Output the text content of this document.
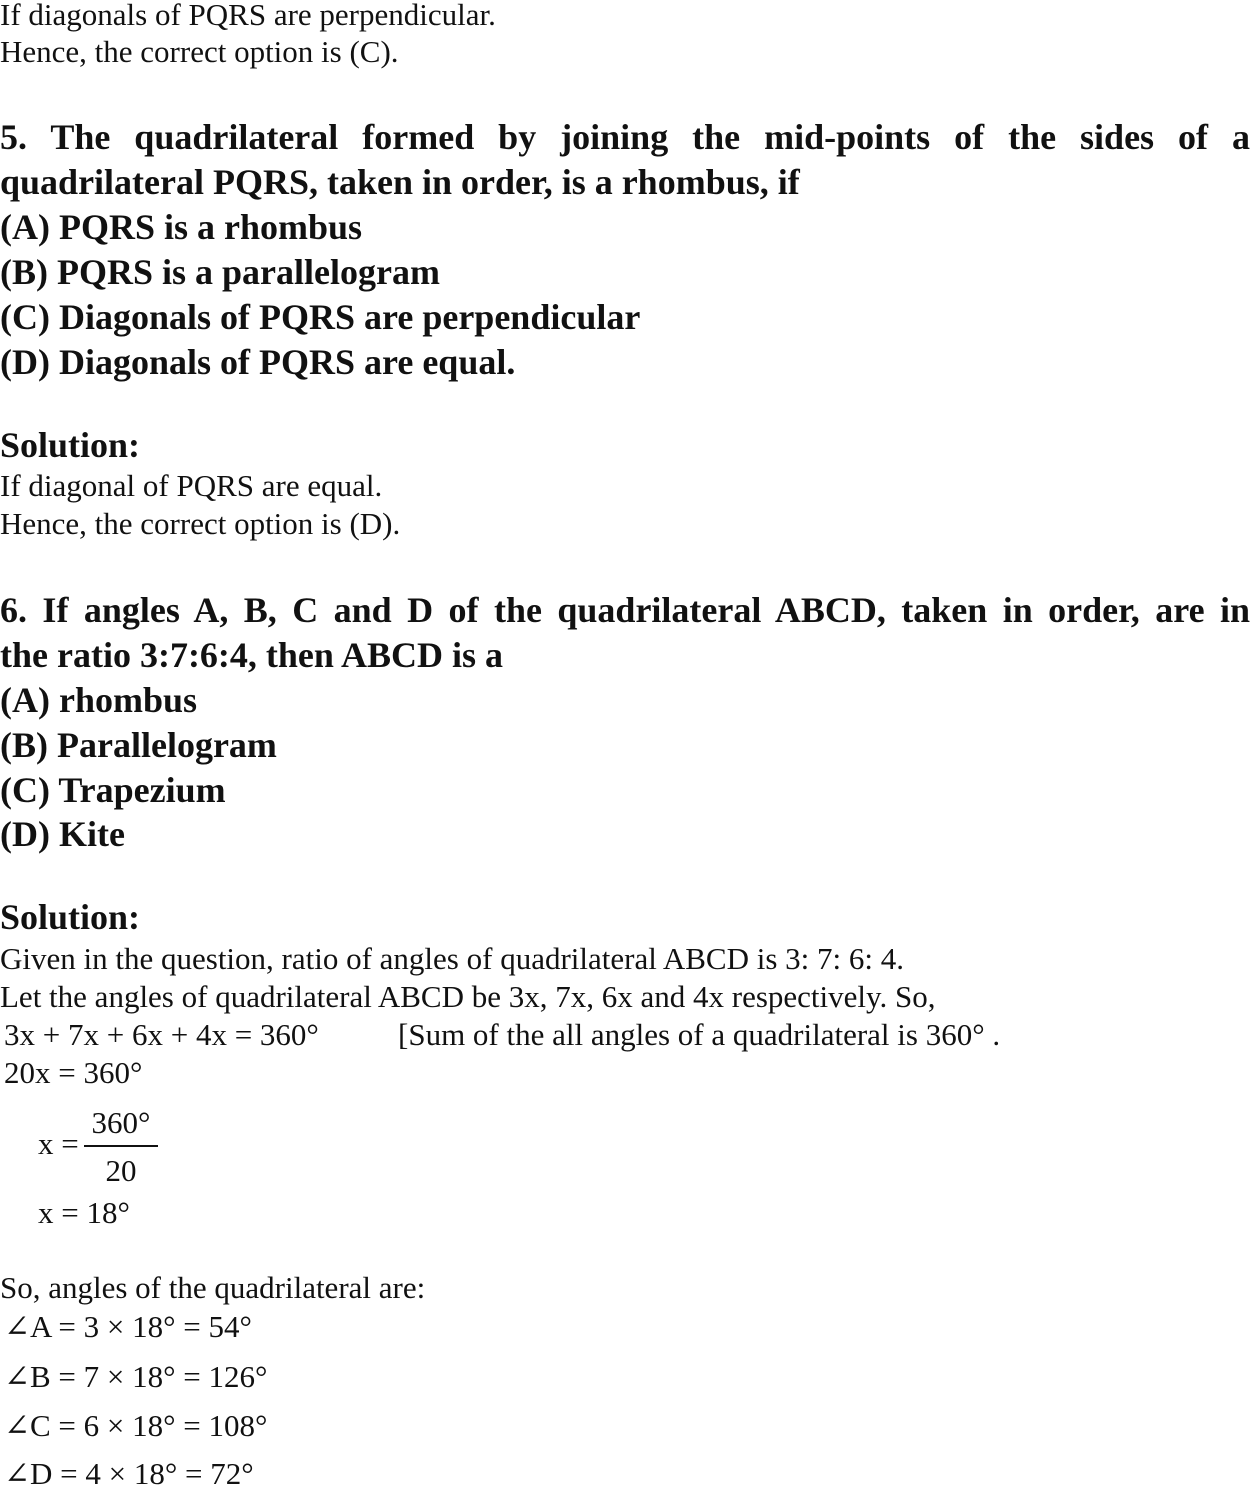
If diagonals of PQRS are perpendicular.

Hence, the correct option is (C).

5. The quadrilateral formed by joining the mid-points of the sides of a

quadrilateral PQRS, taken in order, is a rhombus, if

(A) PQRS is a rhombus

(B) PQRS is a parallelogram

(C) Diagonals of PQRS are perpendicular

(D) Diagonals of PQRS are equal.

Solution:

If diagonal of PQRS are equal.

Hence, the correct option is (D).

6. If angles A, B, C and D of the quadrilateral ABCD, taken in order, are in

the ratio 3:7:6:4, then ABCD is a

(A) rhombus

(B) Parallelogram

(C) Trapezium

(D) Kite

Solution:

Given in the question, ratio of angles of quadrilateral ABCD is 3: 7: 6: 4.

Let the angles of quadrilateral ABCD be 3x, 7x, 6x and 4x respectively. So,

3x + 7x + 6x + 4x = 360°	[Sum of the all angles of a quadrilateral is 360° .

20x = 360°

$x = \frac{360^\circ}{20}$

x = 18°

So, angles of the quadrilateral are:

∠A = 3 × 18° = 54°

∠B = 7 × 18° = 126°

∠C = 6 × 18° = 108°

∠D = 4 × 18° = 72°
